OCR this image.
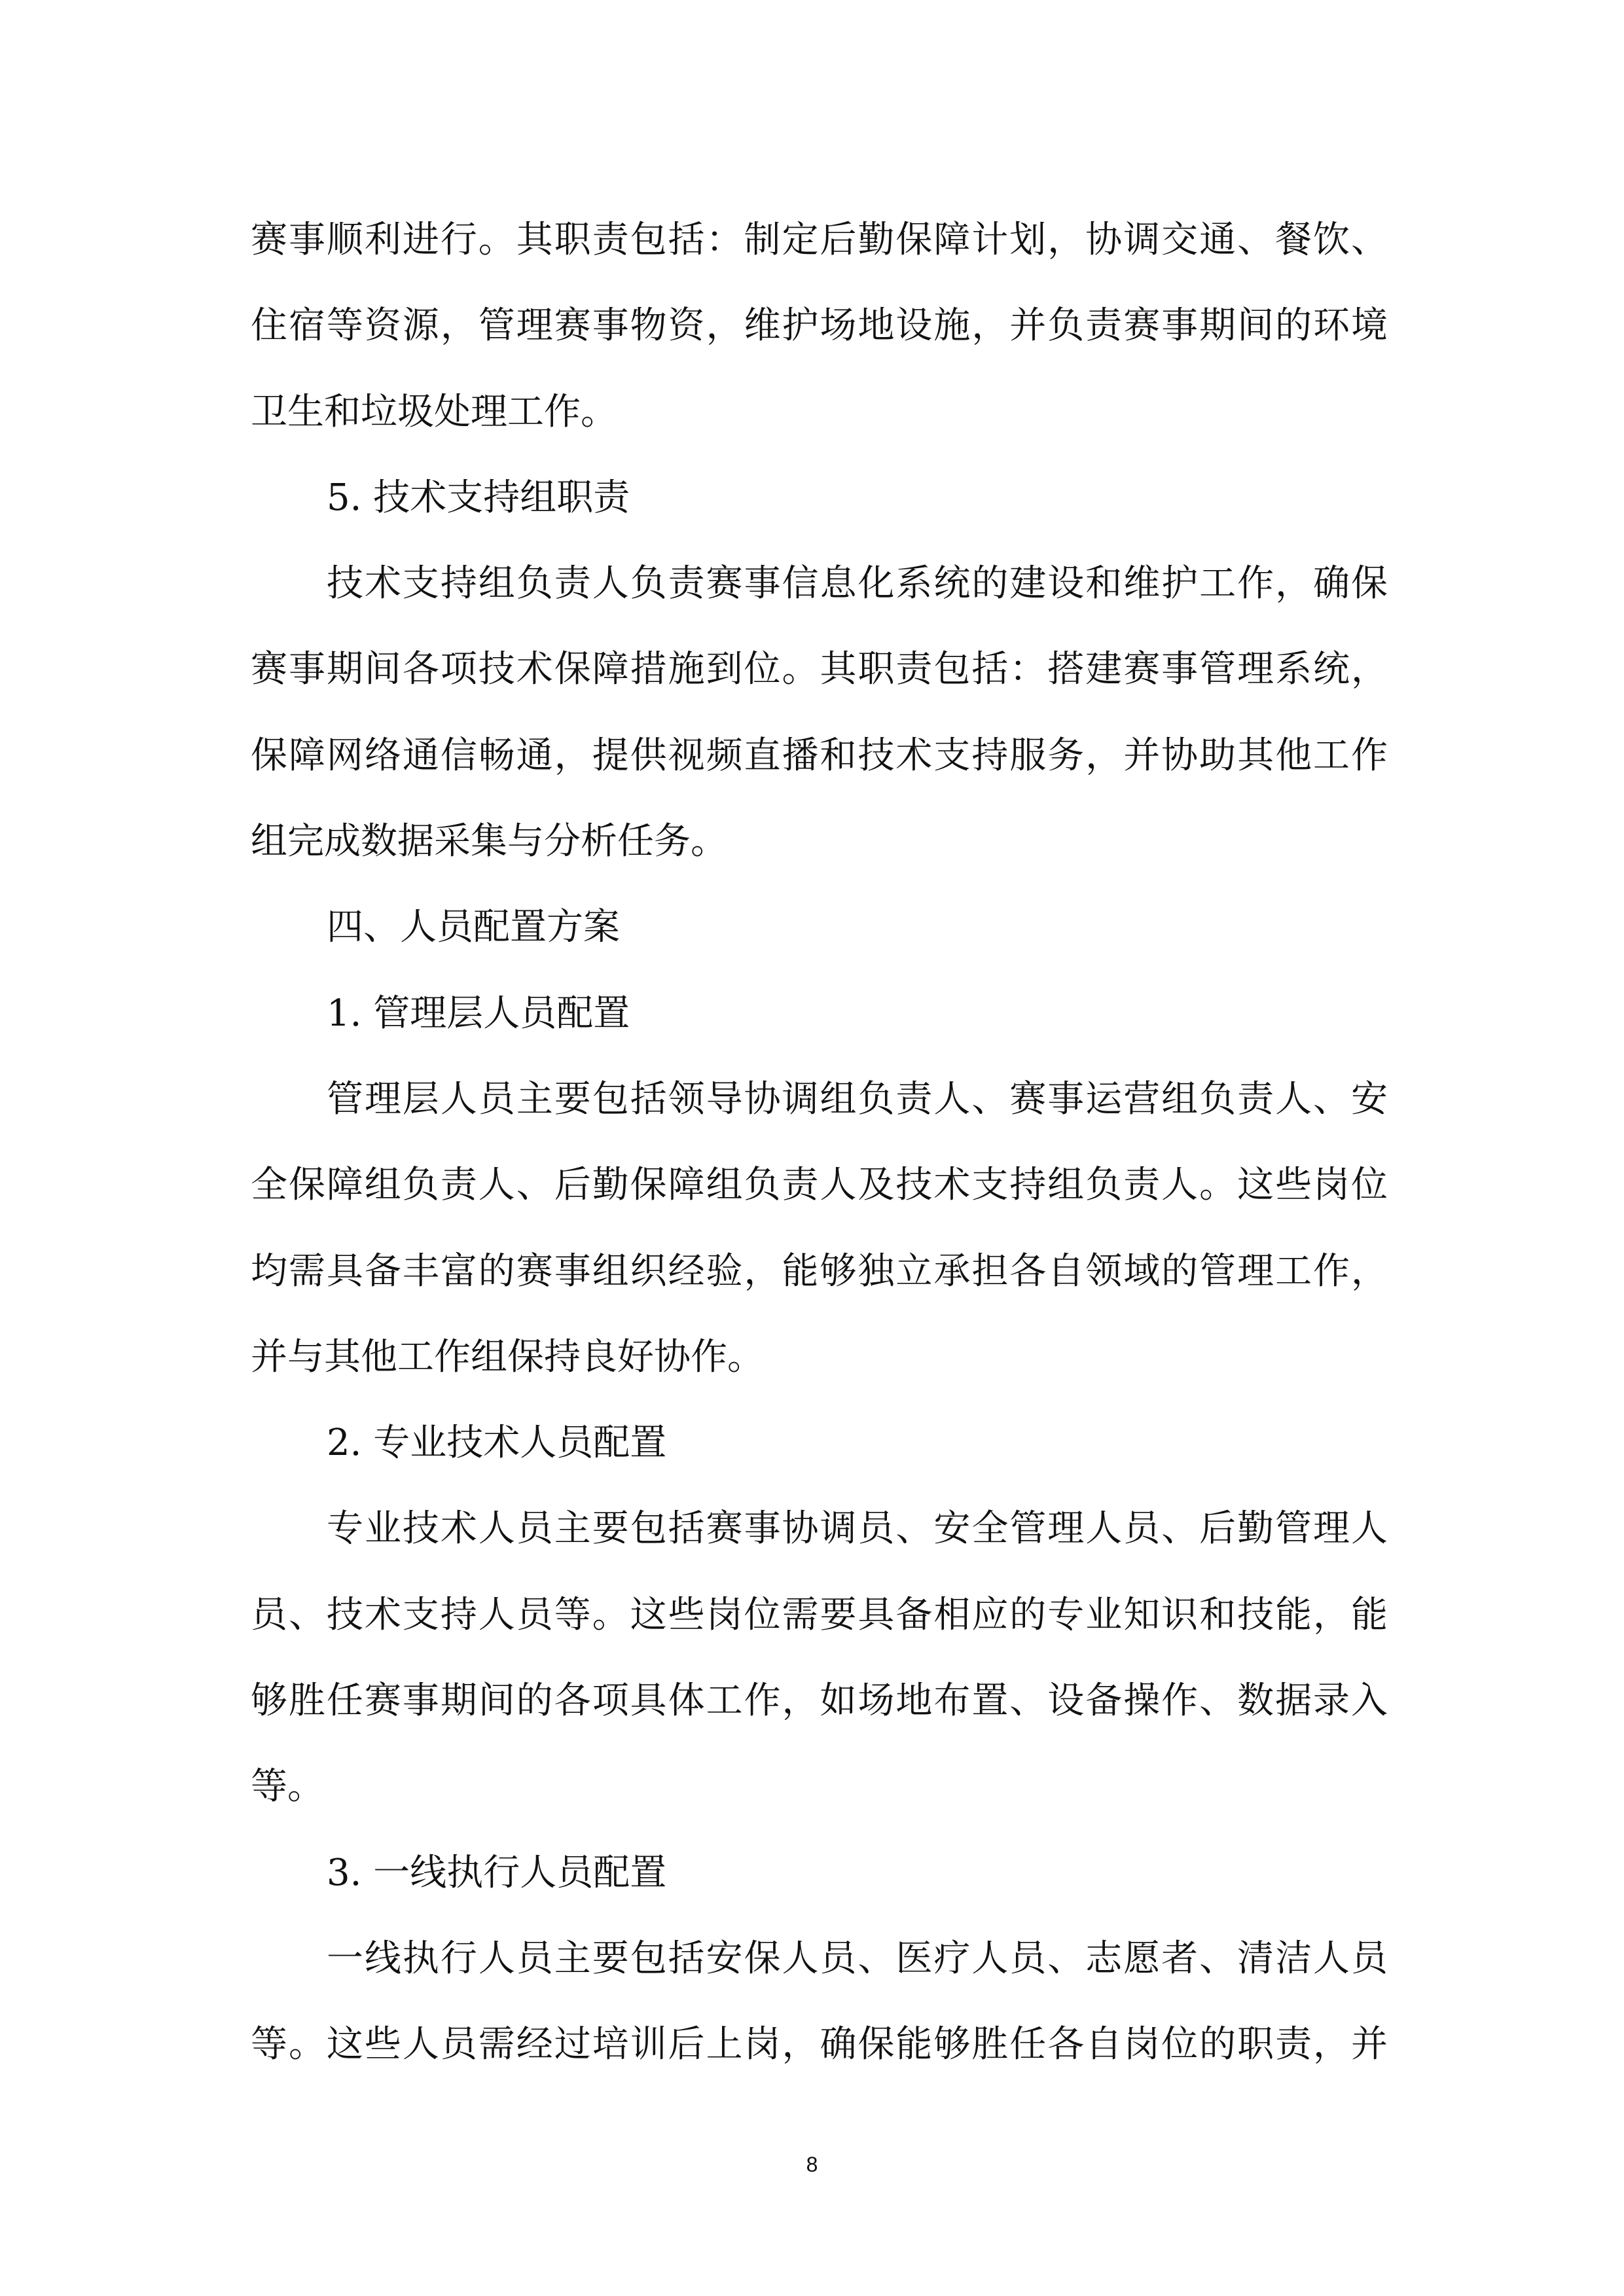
赛事顺利进行。其职责包括：制定后勤保障计划，协调交通、餐饮、
住宿等资源，管理赛事物资，维护场地设施，并负责赛事期间的环境
卫生和垃圾处理工作。
5. 技术支持组职责
技术支持组负责人负责赛事信息化系统的建设和维护工作，确保
赛事期间各项技术保障措施到位。其职责包括：搭建赛事管理系统，
保障网络通信畅通，提供视频直播和技术支持服务，并协助其他工作
组完成数据采集与分析任务。
四、人员配置方案
1. 管理层人员配置
管理层人员主要包括领导协调组负责人、赛事运营组负责人、安
全保障组负责人、后勤保障组负责人及技术支持组负责人。这些岗位
均需具备丰富的赛事组织经验，能够独立承担各自领域的管理工作，
并与其他工作组保持良好协作。
2. 专业技术人员配置
专业技术人员主要包括赛事协调员、安全管理人员、后勤管理人
员、技术支持人员等。这些岗位需要具备相应的专业知识和技能，能
够胜任赛事期间的各项具体工作，如场地布置、设备操作、数据录入
等。
3. 一线执行人员配置
一线执行人员主要包括安保人员、医疗人员、志愿者、清洁人员
等。这些人员需经过培训后上岗，确保能够胜任各自岗位的职责，并
8
